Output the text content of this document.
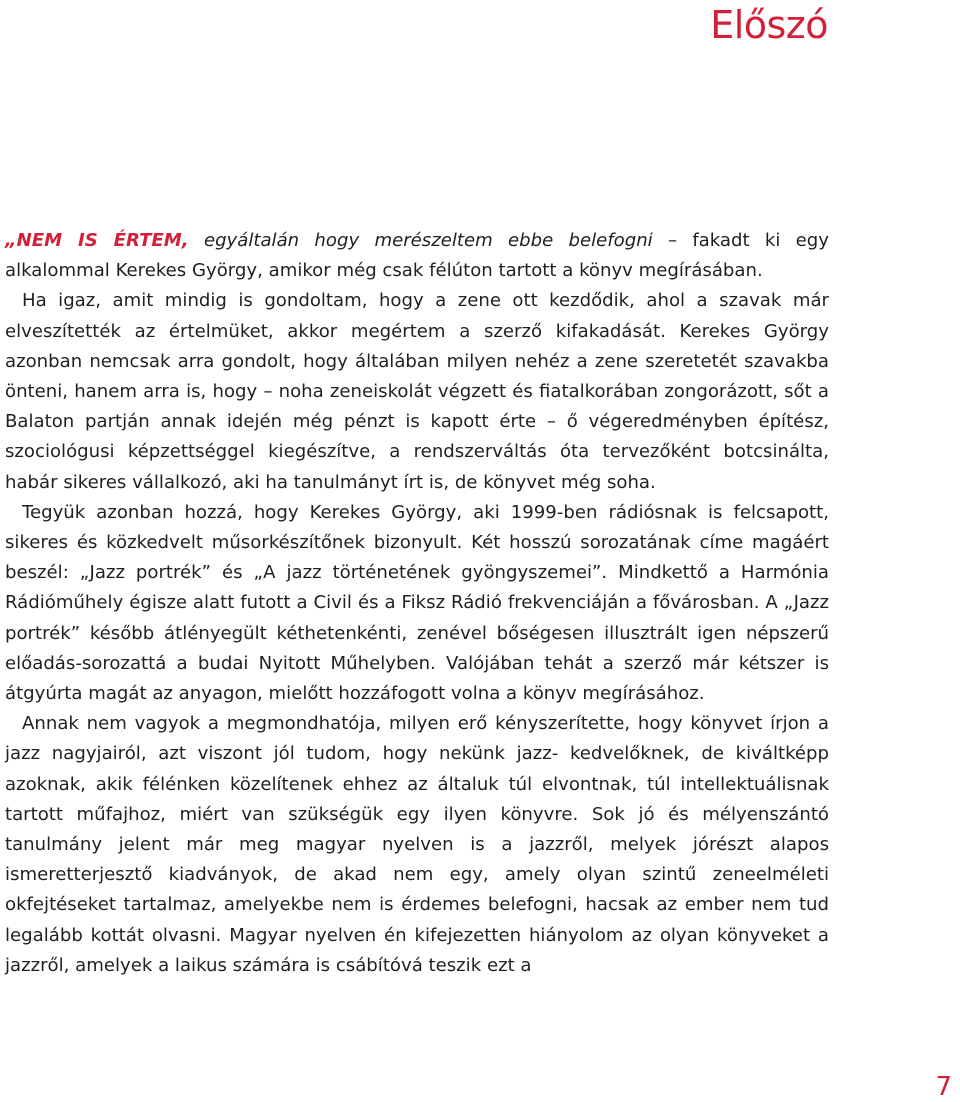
Előszó

„NEM IS ÉRTEM, egyáltalán hogy merészeltem ebbe belefogni – fakadt ki egy alkalommal Kerekes György, amikor még csak félúton tartott a könyv megírásában.

Ha igaz, amit mindig is gondoltam, hogy a zene ott kezdődik, ahol a szavak már elveszítették az értelmüket, akkor megértem a szerző kifakadását. Kerekes György azonban nemcsak arra gondolt, hogy általában milyen nehéz a zene szeretetét szavakba önteni, hanem arra is, hogy – noha zeneiskolát végzett és fiatalkorában zongorázott, sőt a Balaton partján annak idején még pénzt is kapott érte – ő végeredményben építész, szociológusi képzettséggel kiegészítve, a rendszerváltás óta tervezőként botcsinálta, habár sikeres vállalkozó, aki ha tanulmányt írt is, de könyvet még soha.

Tegyük azonban hozzá, hogy Kerekes György, aki 1999-ben rádiósnak is felcsapott, sikeres és közkedvelt műsorkészítőnek bizonyult. Két hosszú sorozatának címe magáért beszél: „Jazz portrék” és „A jazz történetének gyöngyszemei”. Mindkettő a Harmónia Rádióműhely égisze alatt futott a Civil és a Fiksz Rádió frekvenciáján a fővárosban. A „Jazz portrék” később átlényegült kéthetenkénti, zenével bőségesen illusztrált igen népszerű előadás-sorozattá a budai Nyitott Műhelyben. Valójában tehát a szerző már kétszer is átgyúrta magát az anyagon, mielőtt hozzáfogott volna a könyv megírásához.

Annak nem vagyok a megmondhatója, milyen erő kényszerítette, hogy könyvet írjon a jazz nagyjairól, azt viszont jól tudom, hogy nekünk jazz- kedvelőknek, de kiváltképp azoknak, akik félénken közelítenek ehhez az általuk túl elvontnak, túl intellektuálisnak tartott műfajhoz, miért van szükségük egy ilyen könyvre. Sok jó és mélyenszántó tanulmány jelent már meg magyar nyelven is a jazzről, melyek jórészt alapos ismeretterjesztő kiadványok, de akad nem egy, amely olyan szintű zeneelméleti okfejtéseket tartalmaz, amelyekbe nem is érdemes belefogni, hacsak az ember nem tud legalább kottát olvasni. Magyar nyelven én kifejezetten hiányolom az olyan könyveket a jazzről, amelyek a laikus számára is csábítóvá teszik ezt a

7
